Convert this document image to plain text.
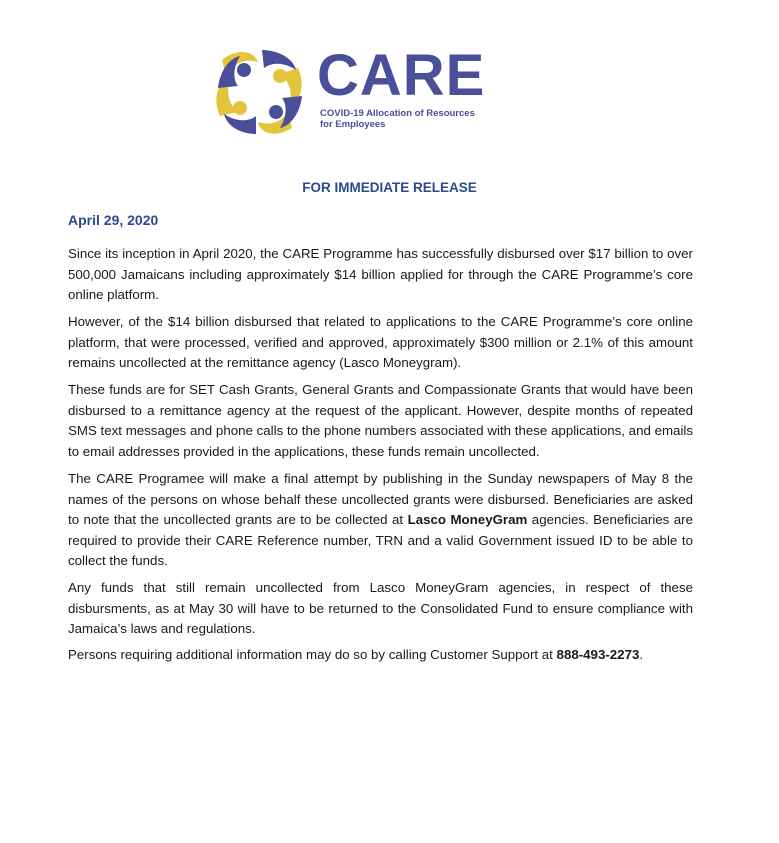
CARE
COVID-19 Allocation of Resources
for Employees
FOR IMMEDIATE RELEASE
April 29, 2020
Since its inception in April 2020, the CARE Programme has successfully disbursed over $17 billion to over 500,000 Jamaicans including approximately $14 billion applied for through the CARE Programme’s core online platform.
However, of the $14 billion disbursed that related to applications to the CARE Programme’s core online platform, that were processed, verified and approved, approximately $300 million or 2.1% of this amount remains uncollected at the remittance agency (Lasco Moneygram).
These funds are for SET Cash Grants, General Grants and Compassionate Grants that would have been disbursed to a remittance agency at the request of the applicant. However, despite months of repeated SMS text messages and phone calls to the phone numbers associated with these applications, and emails to email addresses provided in the applications, these funds remain uncollected.
The CARE Programee will make a final attempt by publishing in the Sunday newspapers of May 8 the names of the persons on whose behalf these uncollected grants were disbursed. Beneficiaries are asked to note that the uncollected grants are to be collected at Lasco MoneyGram agencies. Beneficiaries are required to provide their CARE Reference number, TRN and a valid Government issued ID to be able to collect the funds.
Any funds that still remain uncollected from Lasco MoneyGram agencies, in respect of these disbursments, as at May 30 will have to be returned to the Consolidated Fund to ensure compliance with Jamaica’s laws and regulations.
Persons requiring additional information may do so by calling Customer Support at 888-493-2273.
